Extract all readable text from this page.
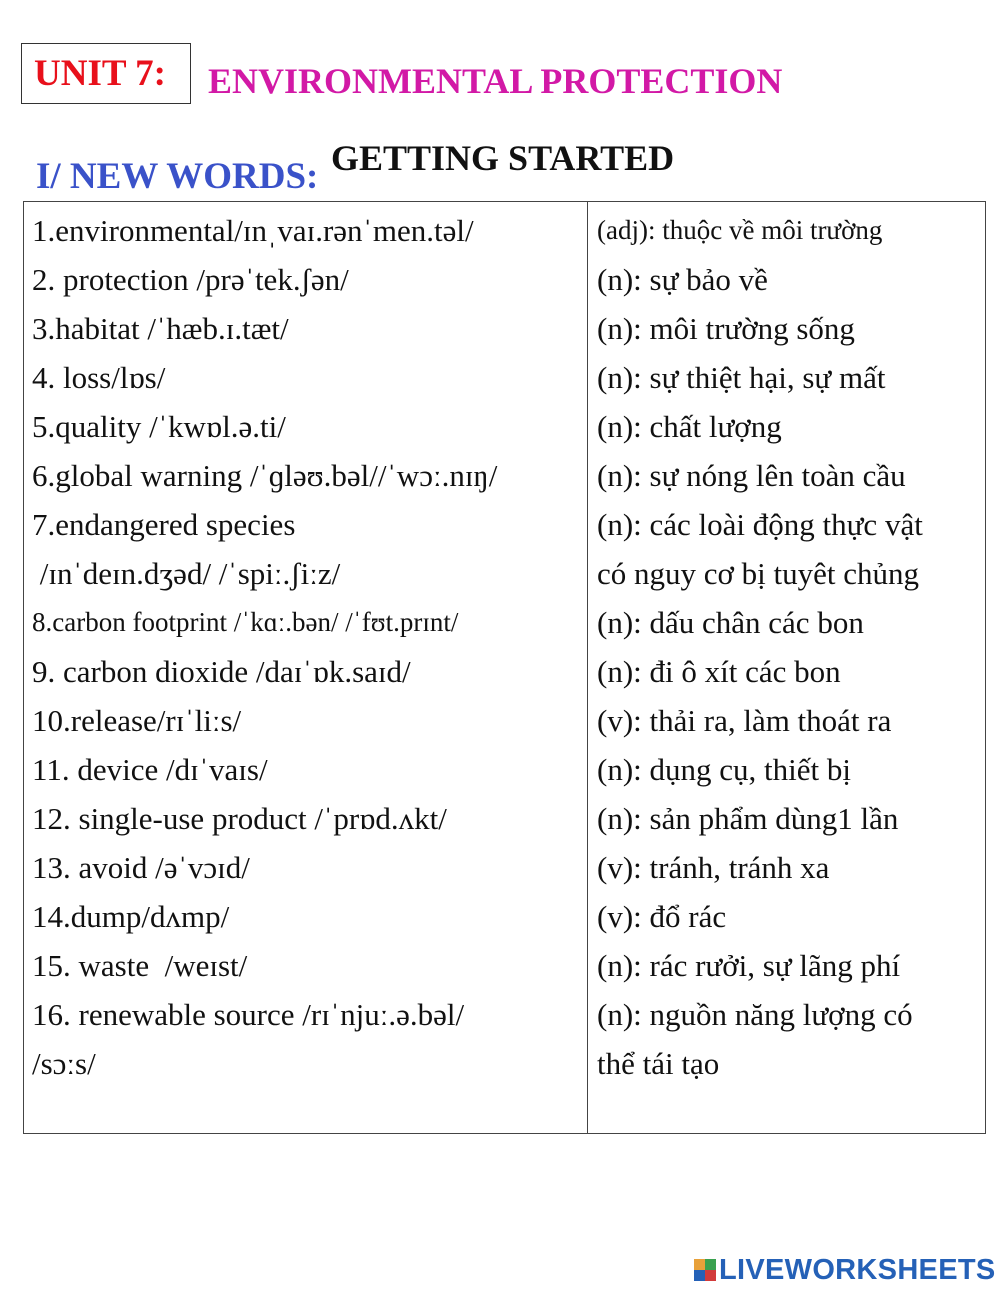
UNIT 7: ENVIRONMENTAL PROTECTION
GETTING STARTED
I/ NEW WORDS:
1.environmental/ɪnˌvaɪ.rənˈmen.təl/
2. protection /prəˈtek.ʃən/
3.habitat /ˈhæb.ɪ.tæt/
4. loss/lɒs/
5.quality /ˈkwɒl.ə.ti/
6.global warning /ˈɡləʊ.bəl//ˈwɔː.nɪŋ/
7.endangered species
/ɪnˈdeɪn.dʒəd/ /ˈspiː.ʃiːz/
8.carbon footprint /ˈkɑː.bən/ /ˈfʊt.prɪnt/
9. carbon dioxide /daɪˈɒk.saɪd/
10.release/rɪˈliːs/
11. device /dɪˈvaɪs/
12. single-use product /ˈprɒd.ʌkt/
13. avoid /əˈvɔɪd/
14.dump/dʌmp/
15. waste  /weɪst/
16. renewable source /rɪˈnjuː.ə.bəl/
/sɔːs/
(adj): thuộc về môi trường
(n): sự bảo về
(n): môi trường sống
(n): sự thiệt hại, sự mất
(n): chất lượng
(n): sự nóng lên toàn cầu
(n): các loài động thực vật
có nguy cơ bị tuyêt chủng
(n): dấu chân các bon
(n): đi ô xít các bon
(v): thải ra, làm thoát ra
(n): dụng cụ, thiết bị
(n): sản phẩm dùng1 lần
(v): tránh, tránh xa
(v): đổ rác
(n): rác rưởi, sự lãng phí
(n): nguồn năng lượng có
thể tái tạo
LIVEWORKSHEETS
